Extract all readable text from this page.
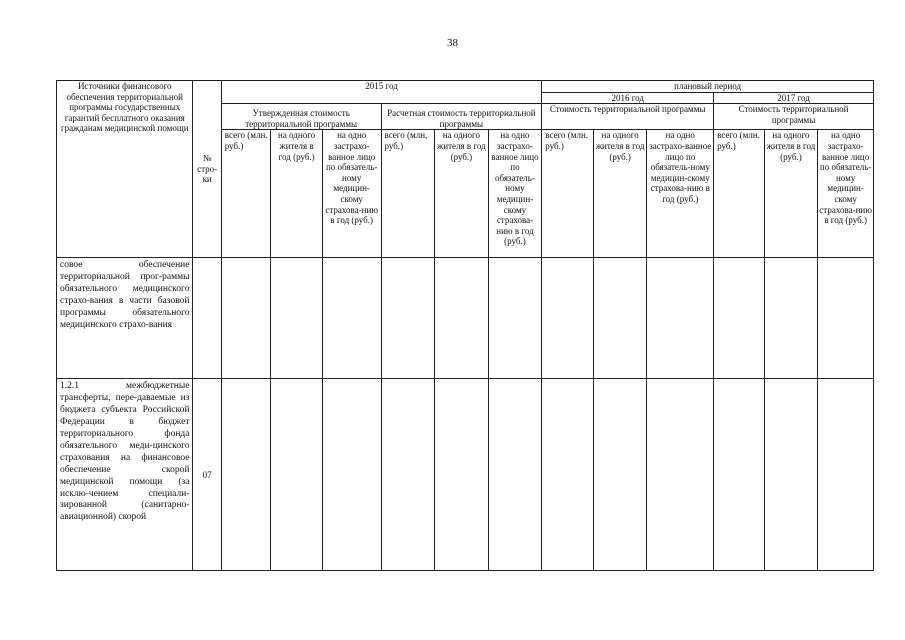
38
Источники финансового обеспечения территориальной программы государственных гарантий бесплатного оказания гражданам медицинской помощи	№ стро-ки	2015 год						плановый период					
								2016 год			2017 год		
		Утвержденная стоимость территориальной программы			Расчетная стоимость территориальной программы			Стоимость территориальной программы			Стоимость территориальной программы		
		всего (млн. руб.)	на одного жителя в год (руб.)	на одно застрахо-ванное лицо по обязатель-ному медицин-скому страхова-нию в год (руб.)	всего (млн, руб.)	на одного жителя в год (руб.)	на одно застрахо-ванное лицо по обязатель-ному медицин-скому страхова-нию в год (руб.)	всего (млн. руб.)	на одного жителя в год (руб.)	на одно застрахо-ванное лицо по обязатель-ному медицин-скому страхова-нию в год (руб.)	всего (млн. руб.)	на одного жителя в год (руб.)	на одно застрахо-ванное лицо по обязатель-ному медицин-скому страхова-нию в год (руб.)
совое обеспечение территориальной прог-раммы обязательного медицинского страхо-вания в части базовой программы обязательного медицинского страхо-вания													
1.2.1 межбюджетные трансферты, пере-даваемые из бюджета субъекта Российской Федерации в бюджет территориального фонда обязательного меди-цинского страхования на финансовое обеспечение скорой медицинской помощи (за исклю-чением специали-зированной (санитарно-авиационной) скорой	07												
